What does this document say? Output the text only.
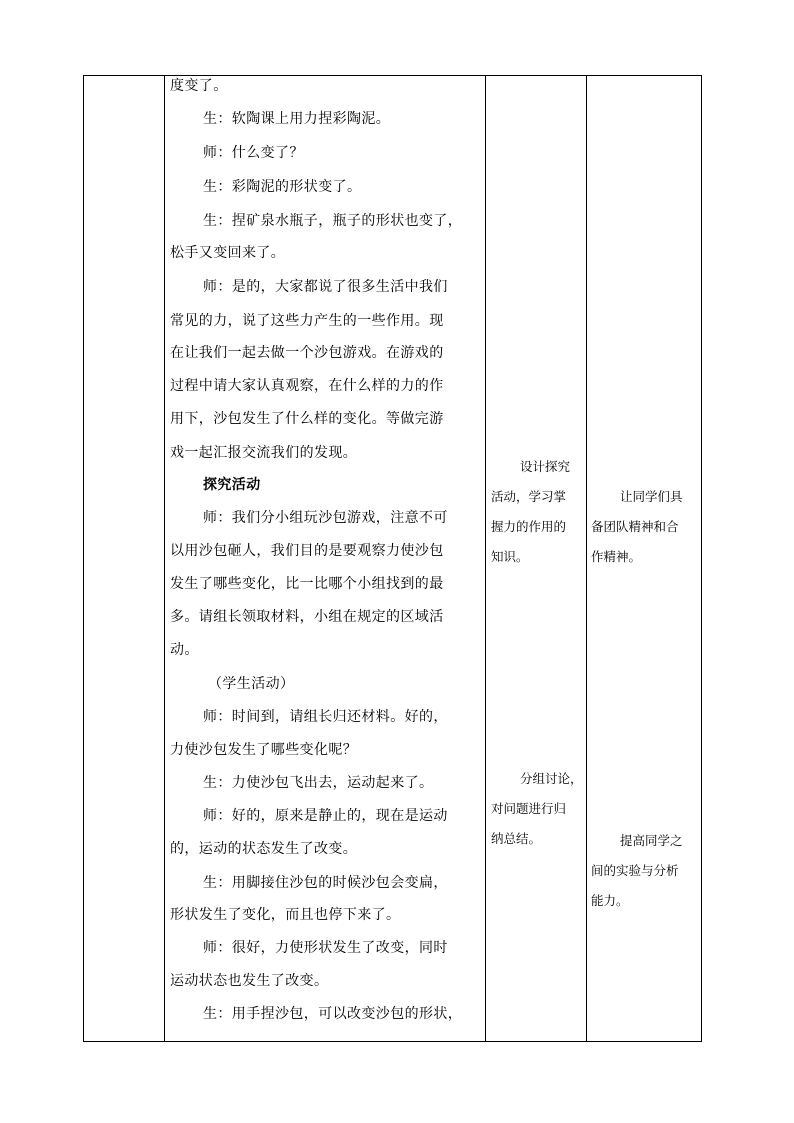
度变了。
生：软陶课上用力捏彩陶泥。
师：什么变了？
生：彩陶泥的形状变了。
生：捏矿泉水瓶子，瓶子的形状也变了，
松手又变回来了。
师：是的，大家都说了很多生活中我们
常见的力，说了这些力产生的一些作用。现
在让我们一起去做一个沙包游戏。在游戏的
过程中请大家认真观察，在什么样的力的作
用下，沙包发生了什么样的变化。等做完游
戏一起汇报交流我们的发现。
探究活动
师：我们分小组玩沙包游戏，注意不可
以用沙包砸人，我们目的是要观察力使沙包
发生了哪些变化，比一比哪个小组找到的最
多。请组长领取材料，小组在规定的区域活
动。
（学生活动）
师：时间到，请组长归还材料。好的，
力使沙包发生了哪些变化呢？
生：力使沙包飞出去，运动起来了。
师：好的，原来是静止的，现在是运动
的，运动的状态发生了改变。
生：用脚接住沙包的时候沙包会变扁，
形状发生了变化，而且也停下来了。
师：很好，力使形状发生了改变，同时
运动状态也发生了改变。
生：用手捏沙包，可以改变沙包的形状，
设计探究
活动，学习掌
握力的作用的
知识。
分组讨论，
对问题进行归
纳总结。
让同学们具
备团队精神和合
作精神。
提高同学之
间的实验与分析
能力。
